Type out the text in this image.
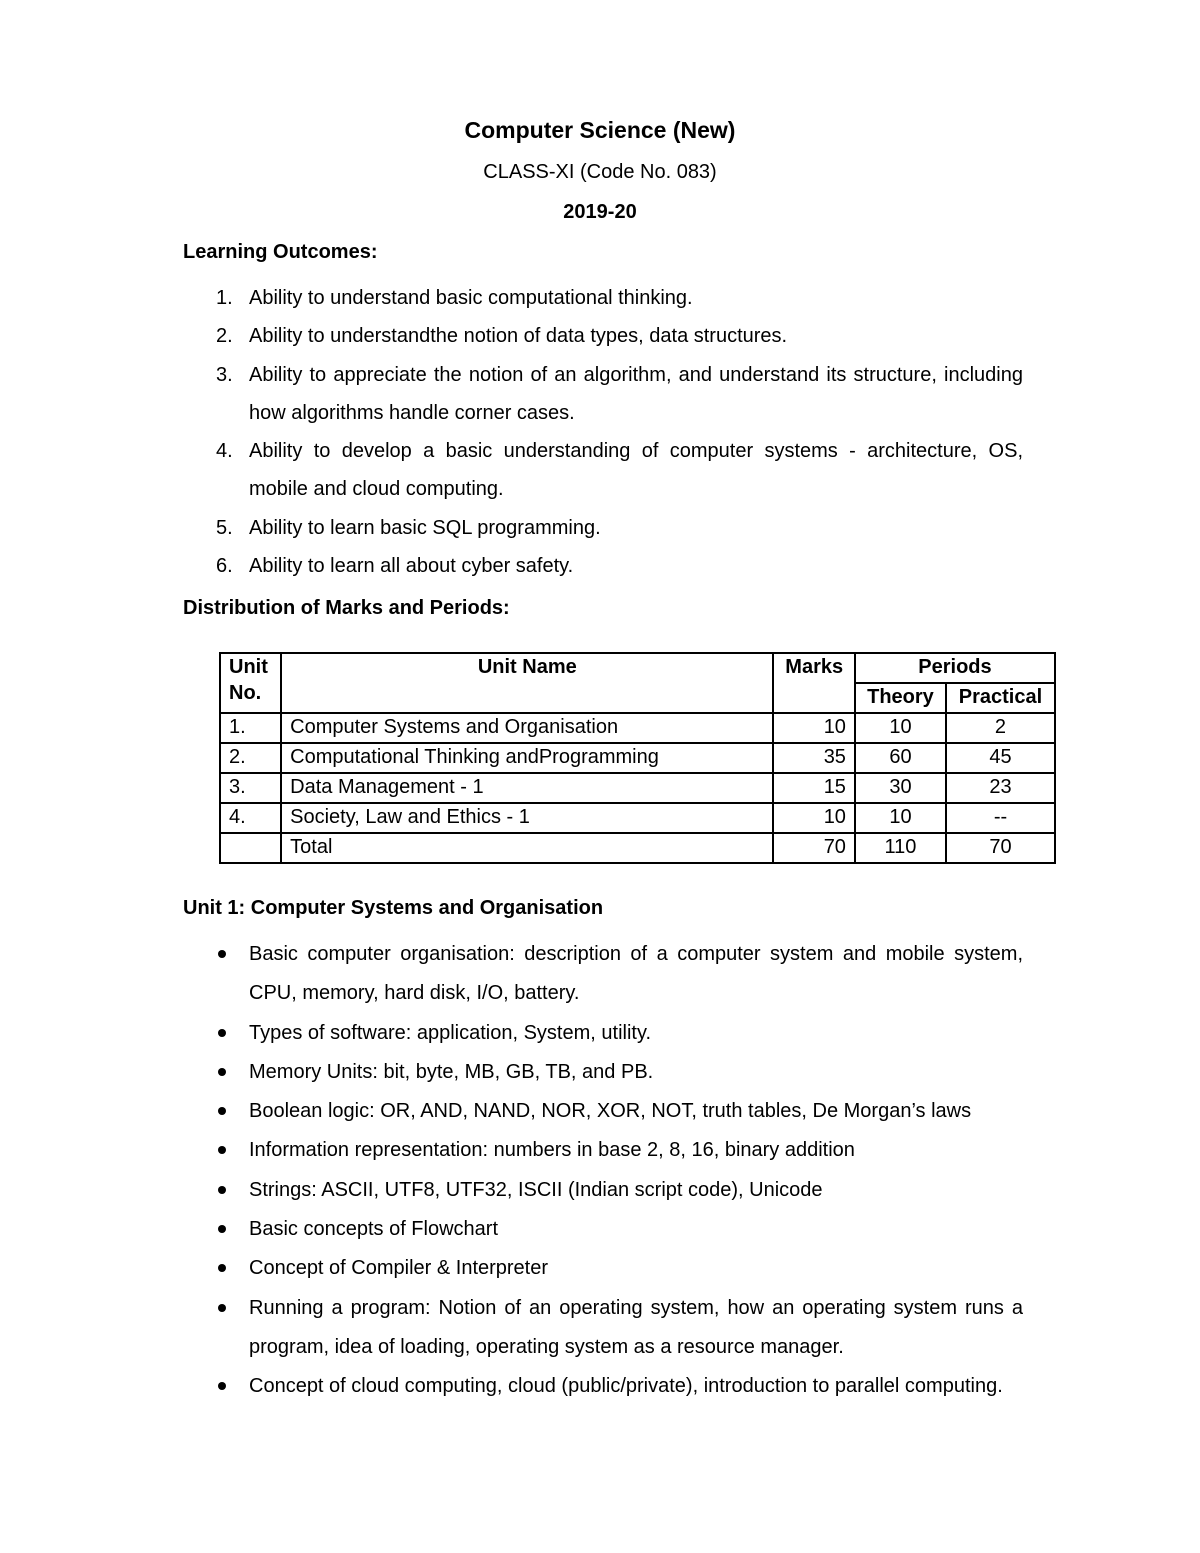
Computer Science (New)
CLASS-XI (Code No. 083)
2019-20
Learning Outcomes:
1. Ability to understand basic computational thinking.
2. Ability to understandthe notion of data types, data structures.
3. Ability to appreciate the notion of an algorithm, and understand its structure, including how algorithms handle corner cases.
4. Ability to develop a basic understanding of computer systems - architecture, OS, mobile and cloud computing.
5. Ability to learn basic SQL programming.
6. Ability to learn all about cyber safety.
Distribution of Marks and Periods:
Unit No.	Unit Name	Marks	Periods	
			Theory	Practical
1.	Computer Systems and Organisation	10	10	2
2.	Computational Thinking andProgramming	35	60	45
3.	Data Management - 1	15	30	23
4.	Society, Law and Ethics - 1	10	10	--
	Total	70	110	70
Unit 1: Computer Systems and Organisation
Basic computer organisation: description of a computer system and mobile system, CPU, memory, hard disk, I/O, battery.
Types of software: application, System, utility.
Memory Units: bit, byte, MB, GB, TB, and PB.
Boolean logic: OR, AND, NAND, NOR, XOR, NOT, truth tables, De Morgan’s laws
Information representation: numbers in base 2, 8, 16, binary addition
Strings: ASCII, UTF8, UTF32, ISCII (Indian script code), Unicode
Basic concepts of Flowchart
Concept of Compiler & Interpreter
Running a program: Notion of an operating system, how an operating system runs a program, idea of loading, operating system as a resource manager.
Concept of cloud computing, cloud (public/private), introduction to parallel computing.
